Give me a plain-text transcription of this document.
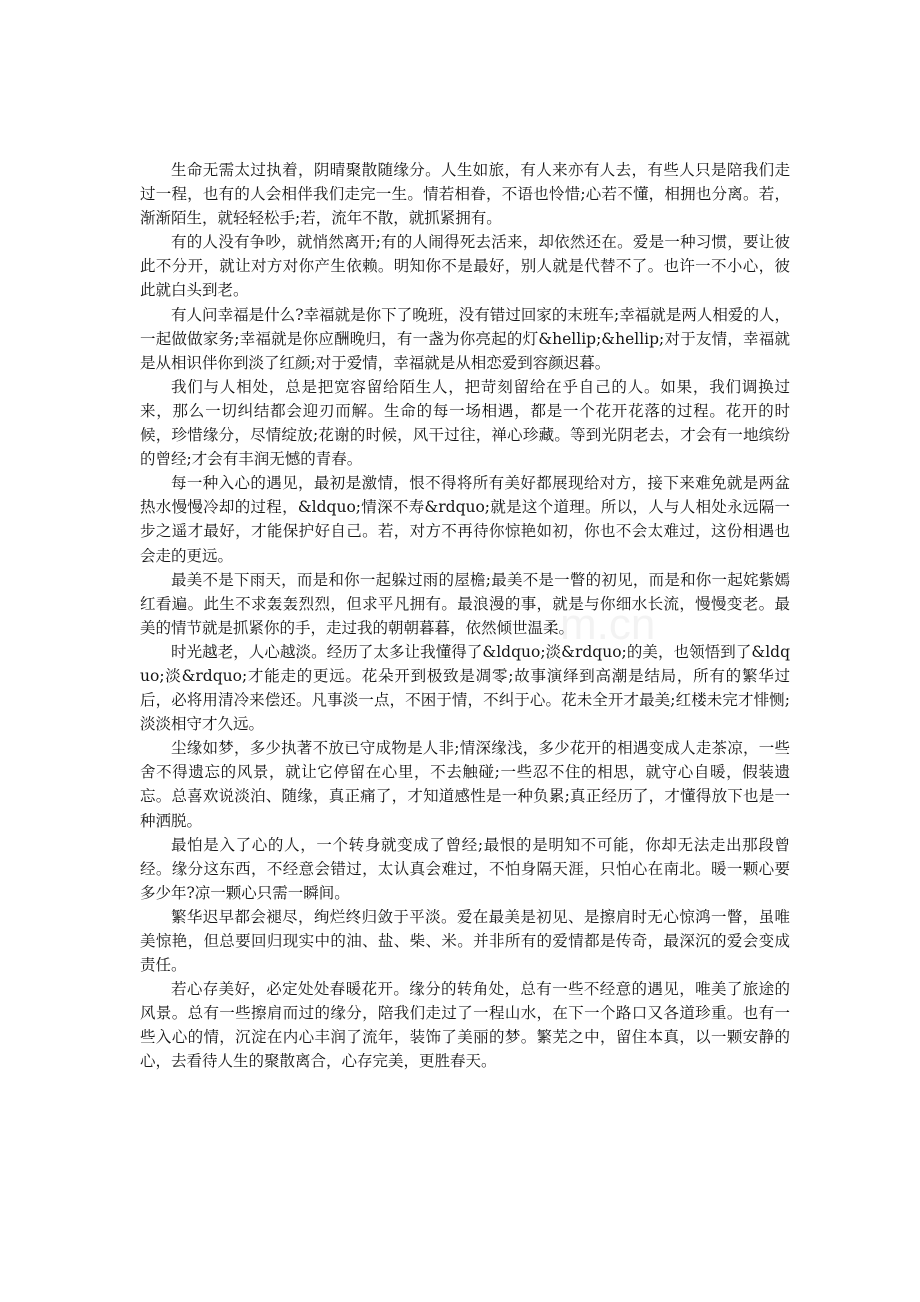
生命无需太过执着，阴晴聚散随缘分。人生如旅，有人来亦有人去，有些人只是陪我们走过一程，也有的人会相伴我们走完一生。情若相眷，不语也怜惜;心若不懂，相拥也分离。若，渐渐陌生，就轻轻松手;若，流年不散，就抓紧拥有。

有的人没有争吵，就悄然离开;有的人闹得死去活来，却依然还在。爱是一种习惯，要让彼此不分开，就让对方对你产生依赖。明知你不是最好，别人就是代替不了。也许一不小心，彼此就白头到老。

有人问幸福是什么?幸福就是你下了晚班，没有错过回家的末班车;幸福就是两人相爱的人，一起做做家务;幸福就是你应酬晚归，有一盏为你亮起的灯&hellip;&hellip;对于友情，幸福就是从相识伴你到淡了红颜;对于爱情，幸福就是从相恋爱到容颜迟暮。

我们与人相处，总是把宽容留给陌生人，把苛刻留给在乎自己的人。如果，我们调换过来，那么一切纠结都会迎刃而解。生命的每一场相遇，都是一个花开花落的过程。花开的时候，珍惜缘分，尽情绽放;花谢的时候，风干过往，禅心珍藏。等到光阴老去，才会有一地缤纷的曾经;才会有丰润无憾的青春。

每一种入心的遇见，最初是激情，恨不得将所有美好都展现给对方，接下来难免就是两盆热水慢慢冷却的过程，&ldquo;情深不寿&rdquo;就是这个道理。所以，人与人相处永远隔一步之遥才最好，才能保护好自己。若，对方不再待你惊艳如初，你也不会太难过，这份相遇也会走的更远。

最美不是下雨天，而是和你一起躲过雨的屋檐;最美不是一瞥的初见，而是和你一起姹紫嫣红看遍。此生不求轰轰烈烈，但求平凡拥有。最浪漫的事，就是与你细水长流，慢慢变老。最美的情节就是抓紧你的手，走过我的朝朝暮暮，依然倾世温柔。

时光越老，人心越淡。经历了太多让我懂得了&ldquo;淡&rdquo;的美，也领悟到了&ldquo;淡&rdquo;才能走的更远。花朵开到极致是凋零;故事演绎到高潮是结局，所有的繁华过后，必将用清冷来偿还。凡事淡一点，不困于情，不纠于心。花未全开才最美;红楼未完才悱恻;淡淡相守才久远。

尘缘如梦，多少执著不放已守成物是人非;情深缘浅，多少花开的相遇变成人走茶凉，一些舍不得遗忘的风景，就让它停留在心里，不去触碰;一些忍不住的相思，就守心自暖，假装遗忘。总喜欢说淡泊、随缘，真正痛了，才知道感性是一种负累;真正经历了，才懂得放下也是一种洒脱。

最怕是入了心的人，一个转身就变成了曾经;最恨的是明知不可能，你却无法走出那段曾经。缘分这东西，不经意会错过，太认真会难过，不怕身隔天涯，只怕心在南北。暖一颗心要多少年?凉一颗心只需一瞬间。

繁华迟早都会褪尽，绚烂终归敛于平淡。爱在最美是初见、是擦肩时无心惊鸿一瞥，虽唯美惊艳，但总要回归现实中的油、盐、柴、米。并非所有的爱情都是传奇，最深沉的爱会变成责任。

若心存美好，必定处处春暖花开。缘分的转角处，总有一些不经意的遇见，唯美了旅途的风景。总有一些擦肩而过的缘分，陪我们走过了一程山水，在下一个路口又各道珍重。也有一些入心的情，沉淀在内心丰润了流年，装饰了美丽的梦。繁芜之中，留住本真，以一颗安静的心，去看待人生的聚散离合，心存完美，更胜春天。

m.cn
